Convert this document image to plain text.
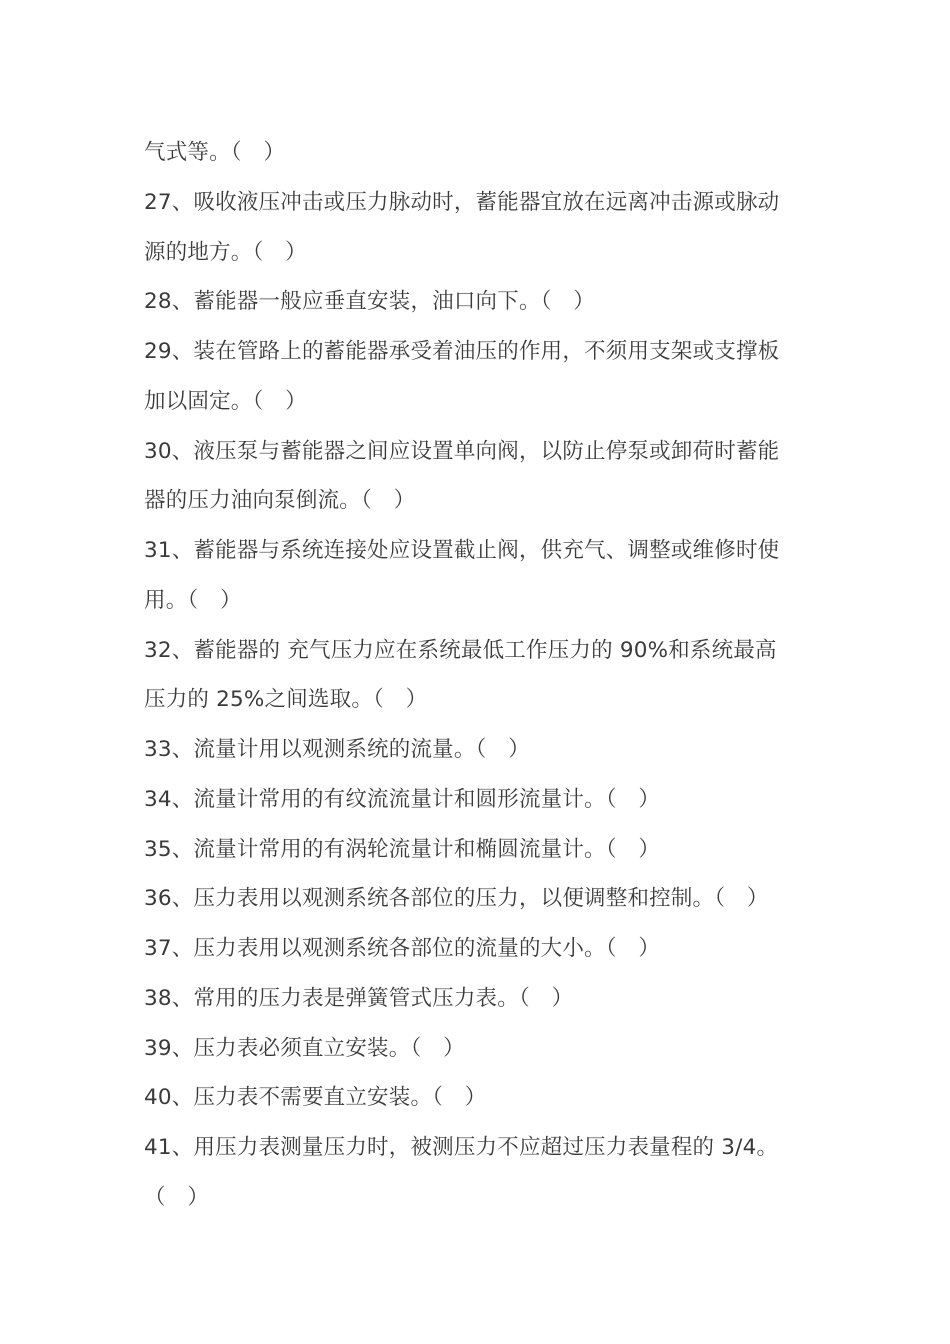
气式等。（　）
27、吸收液压冲击或压力脉动时，蓄能器宜放在远离冲击源或脉动
源的地方。（　）
28、蓄能器一般应垂直安装，油口向下。（　）
29、装在管路上的蓄能器承受着油压的作用，不须用支架或支撑板
加以固定。（　）
30、液压泵与蓄能器之间应设置单向阀，以防止停泵或卸荷时蓄能
器的压力油向泵倒流。（　）
31、蓄能器与系统连接处应设置截止阀，供充气、调整或维修时使
用。（　）
32、蓄能器的 充气压力应在系统最低工作压力的 90%和系统最高
压力的 25%之间选取。（　）
33、流量计用以观测系统的流量。（　）
34、流量计常用的有纹流流量计和圆形流量计。（　）
35、流量计常用的有涡轮流量计和椭圆流量计。（　）
36、压力表用以观测系统各部位的压力，以便调整和控制。（　）
37、压力表用以观测系统各部位的流量的大小。（　）
38、常用的压力表是弹簧管式压力表。（　）
39、压力表必须直立安装。（　）
40、压力表不需要直立安装。（　）
41、用压力表测量压力时，被测压力不应超过压力表量程的 3/4。
（　）
